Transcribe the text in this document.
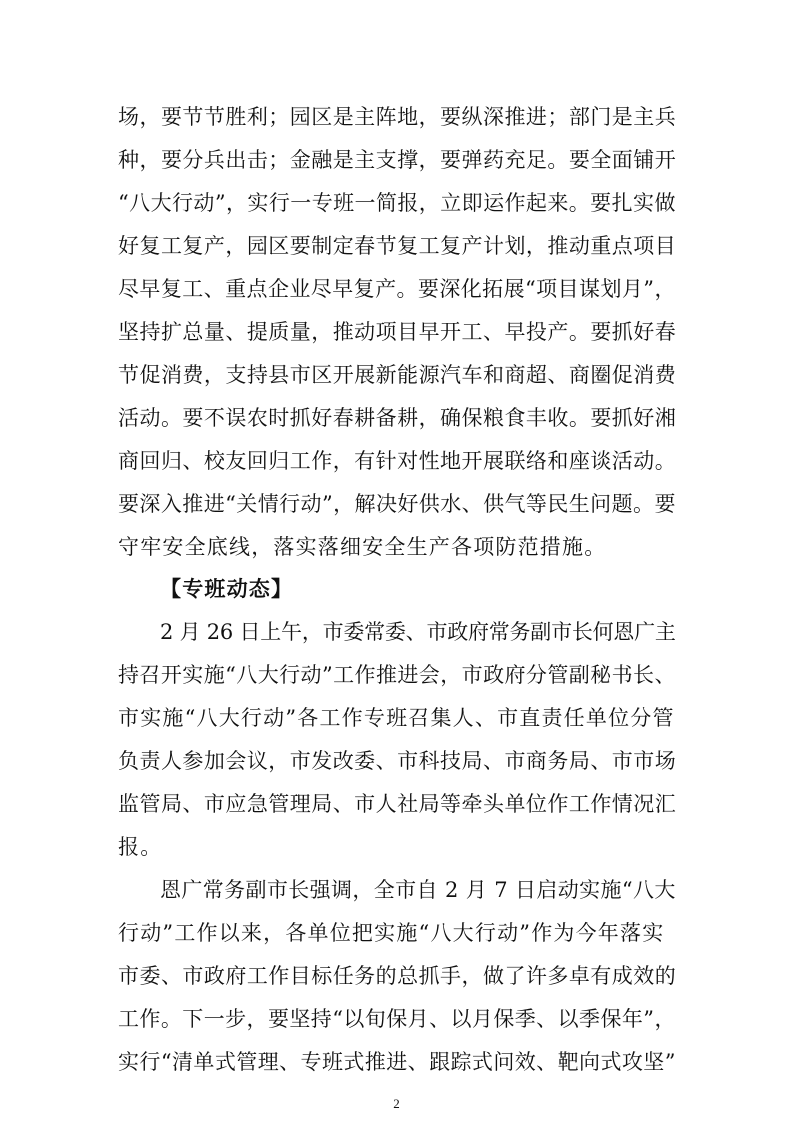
场，要节节胜利；园区是主阵地，要纵深推进；部门是主兵
种，要分兵出击；金融是主支撑，要弹药充足。要全面铺开
“八大行动”，实行一专班一简报，立即运作起来。要扎实做
好复工复产，园区要制定春节复工复产计划，推动重点项目
尽早复工、重点企业尽早复产。要深化拓展“项目谋划月”，
坚持扩总量、提质量，推动项目早开工、早投产。要抓好春
节促消费，支持县市区开展新能源汽车和商超、商圈促消费
活动。要不误农时抓好春耕备耕，确保粮食丰收。要抓好湘
商回归、校友回归工作，有针对性地开展联络和座谈活动。
要深入推进“关情行动”，解决好供水、供气等民生问题。要
守牢安全底线，落实落细安全生产各项防范措施。
【专班动态】
2 月 26 日上午，市委常委、市政府常务副市长何恩广主
持召开实施“八大行动”工作推进会，市政府分管副秘书长、
市实施“八大行动”各工作专班召集人、市直责任单位分管
负责人参加会议，市发改委、市科技局、市商务局、市市场
监管局、市应急管理局、市人社局等牵头单位作工作情况汇
报。
恩广常务副市长强调，全市自 2 月 7 日启动实施“八大
行动”工作以来，各单位把实施“八大行动”作为今年落实
市委、市政府工作目标任务的总抓手，做了许多卓有成效的
工作。下一步，要坚持“以旬保月、以月保季、以季保年”，
实行“清单式管理、专班式推进、跟踪式问效、靶向式攻坚”
2
